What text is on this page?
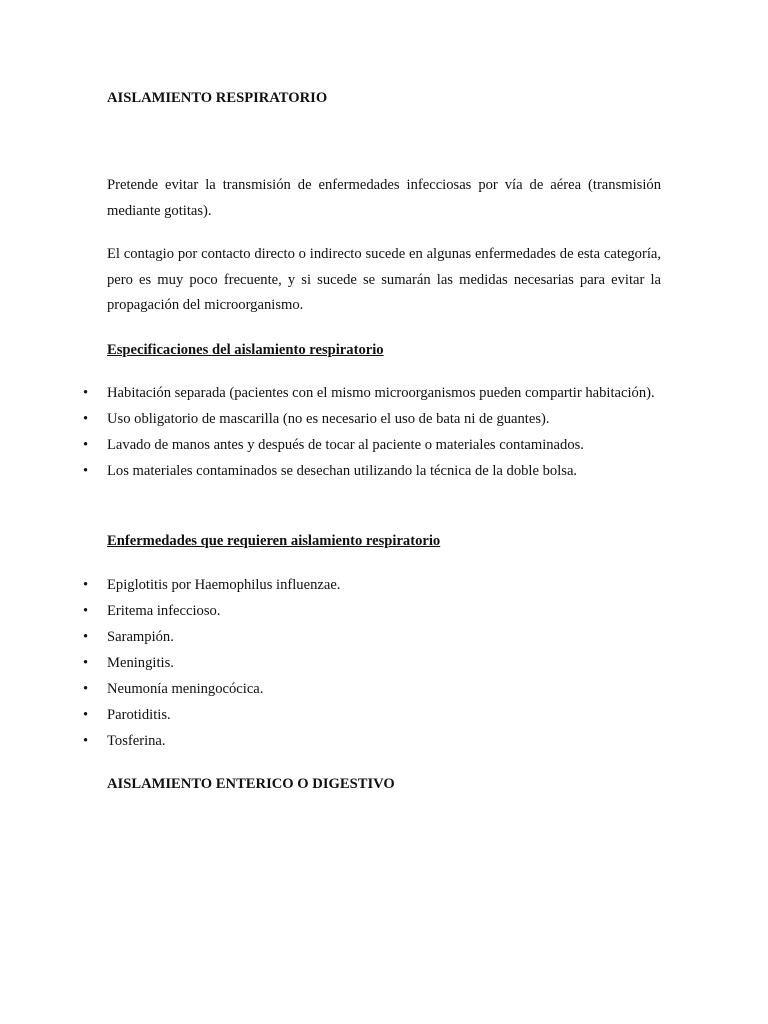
AISLAMIENTO RESPIRATORIO

Pretende evitar la transmisión de enfermedades infecciosas por vía de aérea (transmisión mediante gotitas).

El contagio por contacto directo o indirecto sucede en algunas enfermedades de esta categoría, pero es muy poco frecuente, y si sucede se sumarán las medidas necesarias para evitar la propagación del microorganismo.

Especificaciones del aislamiento respiratorio
• Habitación separada (pacientes con el mismo microorganismos pueden compartir habitación).
• Uso obligatorio de mascarilla (no es necesario el uso de bata ni de guantes).
• Lavado de manos antes y después de tocar al paciente o materiales contaminados.
• Los materiales contaminados se desechan utilizando la técnica de la doble bolsa.
Enfermedades que requieren aislamiento respiratorio
• Epiglotitis por Haemophilus influenzae.
• Eritema infeccioso.
• Sarampión.
• Meningitis.
• Neumonía meningocócica.
• Parotiditis.
• Tosferina.
AISLAMIENTO ENTERICO O DIGESTIVO
